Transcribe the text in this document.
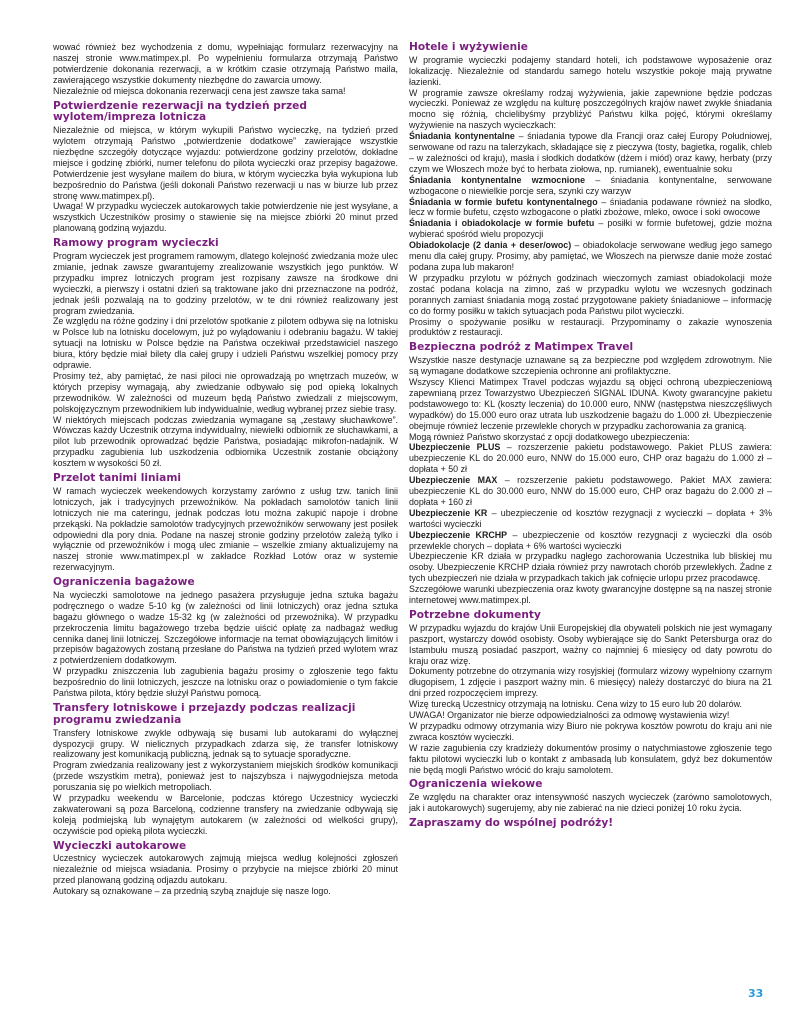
wować również bez wychodzenia z domu, wypełniając formularz rezerwacyjny na naszej stronie www.matimpex.pl. Po wypełnieniu formularza otrzymają Państwo potwierdzenie dokonania rezerwacji, a w krótkim czasie otrzymają Państwo maila, zawierającego wszystkie dokumenty niezbędne do zawarcia umowy.

Niezależnie od miejsca dokonania rezerwacji cena jest zawsze taka sama!

Potwierdzenie rezerwacji na tydzień przed wylotem/impreza lotnicza

Niezależnie od miejsca, w którym wykupili Państwo wycieczkę, na tydzień przed wylotem otrzymają Państwo „potwierdzenie dodatkowe” zawierające wszystkie niezbędne szczegóły dotyczące wyjazdu: potwierdzone godziny przelotów, dokładne miejsce i godzinę zbiórki, numer telefonu do pilota wycieczki oraz przepisy bagażowe. Potwierdzenie jest wysyłane mailem do biura, w którym wycieczka była wykupiona lub bezpośrednio do Państwa (jeśli dokonali Państwo rezerwacji u nas w biurze lub przez stronę www.matimpex.pl).

Uwaga! W przypadku wycieczek autokarowych takie potwierdzenie nie jest wysyłane, a wszystkich Uczestników prosimy o stawienie się na miejsce zbiórki 20 minut przed planowaną godziną wyjazdu.

Ramowy program wycieczki

Program wycieczek jest programem ramowym, dlatego kolejność zwiedzania może ulec zmianie, jednak zawsze gwarantujemy zrealizowanie wszystkich jego punktów. W przypadku imprez lotniczych program jest rozpisany zawsze na środkowe dni wycieczki, a pierwszy i ostatni dzień są traktowane jako dni przeznaczone na podróż, jednak jeśli pozwalają na to godziny przelotów, w te dni również realizowany jest program zwiedzania.

Ze względu na różne godziny i dni przelotów spotkanie z pilotem odbywa się na lotnisku w Polsce lub na lotnisku docelowym, już po wylądowaniu i odebraniu bagażu. W takiej sytuacji na lotnisku w Polsce będzie na Państwa oczekiwał przedstawiciel naszego biura, który będzie miał bilety dla całej grupy i udzieli Państwu wszelkiej pomocy przy odprawie.

Prosimy też, aby pamiętać, że nasi piloci nie oprowadzają po wnętrzach muzeów, w których przepisy wymagają, aby zwiedzanie odbywało się pod opieką lokalnych przewodników. W zależności od muzeum będą Państwo zwiedzali z miejscowym, polskojęzycznym przewodnikiem lub indywidualnie, według wybranej przez siebie trasy.

W niektórych miejscach podczas zwiedzania wymagane są „zestawy słuchawkowe”. Wówczas każdy Uczestnik otrzyma indywidualny, niewielki odbiornik ze słuchawkami, a pilot lub przewodnik oprowadzać będzie Państwa, posiadając mikrofon-nadajnik. W przypadku zagubienia lub uszkodzenia odbiornika Uczestnik zostanie obciążony kosztem w wysokości 50 zł.

Przelot tanimi liniami

W ramach wycieczek weekendowych korzystamy zarówno z usług tzw. tanich linii lotniczych, jak i tradycyjnych przewoźników. Na pokładach samolotów tanich linii lotniczych nie ma cateringu, jednak podczas lotu można zakupić napoje i drobne przekąski. Na pokładzie samolotów tradycyjnych przewoźników serwowany jest posiłek odpowiedni dla pory dnia. Podane na naszej stronie godziny przelotów zależą tylko i wyłącznie od przewoźników i mogą ulec zmianie – wszelkie zmiany aktualizujemy na naszej stronie www.matimpex.pl w zakładce Rozkład Lotów oraz w systemie rezerwacyjnym.

Ograniczenia bagażowe

Na wycieczki samolotowe na jednego pasażera przysługuje jedna sztuka bagażu podręcznego o wadze 5-10 kg (w zależności od linii lotniczych) oraz jedna sztuka bagażu głównego o wadze 15-32 kg (w zależności od przewoźnika). W przypadku przekroczenia limitu bagażowego trzeba będzie uiścić opłatę za nadbagaż według cennika danej linii lotniczej. Szczegółowe informacje na temat obowiązujących limitów i przepisów bagażowych zostaną przesłane do Państwa na tydzień przed wylotem wraz z potwierdzeniem dodatkowym.

W przypadku zniszczenia lub zagubienia bagażu prosimy o zgłoszenie tego faktu bezpośrednio do linii lotniczych, jeszcze na lotnisku oraz o powiadomienie o tym fakcie Państwa pilota, który będzie służył Państwu pomocą.

Transfery lotniskowe i przejazdy podczas realizacji programu zwiedzania

Transfery lotniskowe zwykle odbywają się busami lub autokarami do wyłącznej dyspozycji grupy. W nielicznych przypadkach zdarza się, że transfer lotniskowy realizowany jest komunikacją publiczną, jednak są to sytuacje sporadyczne.

Program zwiedzania realizowany jest z wykorzystaniem miejskich środków komunikacji (przede wszystkim metra), ponieważ jest to najszybsza i najwygodniejsza metoda poruszania się po wielkich metropoliach.

W przypadku weekendu w Barcelonie, podczas którego Uczestnicy wycieczki zakwaterowani są poza Barceloną, codzienne transfery na zwiedzanie odbywają się koleją podmiejską lub wynajętym autokarem (w zależności od wielkości grupy), oczywiście pod opieką pilota wycieczki.

Wycieczki autokarowe

Uczestnicy wycieczek autokarowych zajmują miejsca według kolejności zgłoszeń niezależnie od miejsca wsiadania. Prosimy o przybycie na miejsce zbiórki 20 minut przed planowaną godziną odjazdu autokaru.

Autokary są oznakowane – za przednią szybą znajduje się nasze logo.

Hotele i wyżywienie

W programie wycieczki podajemy standard hoteli, ich podstawowe wyposażenie oraz lokalizację. Niezależnie od standardu samego hotelu wszystkie pokoje mają prywatne łazienki.

W programie zawsze określamy rodzaj wyżywienia, jakie zapewnione będzie podczas wycieczki. Ponieważ ze względu na kulturę poszczególnych krajów nawet zwykłe śniadania mocno się różnią, chcielibyśmy przybliżyć Państwu kilka pojęć, którymi określamy wyżywienie na naszych wycieczkach:

Śniadania kontynentalne – śniadania typowe dla Francji oraz całej Europy Południowej, serwowane od razu na talerzykach, składające się z pieczywa (tosty, bagietka, rogalik, chleb – w zależności od kraju), masła i słodkich dodatków (dżem i miód) oraz kawy, herbaty (przy czym we Włoszech może być to herbata ziołowa, np. rumianek), ewentualnie soku

Śniadania kontynentalne wzmocnione – śniadania kontynentalne, serwowane wzbogacone o niewielkie porcje sera, szynki czy warzyw

Śniadania w formie bufetu kontynentalnego – śniadania podawane również na słodko, lecz w formie bufetu, często wzbogacone o płatki zbożowe, mleko, owoce i soki owocowe

Śniadania i obiadokolacje w formie bufetu – posiłki w formie bufetowej, gdzie można wybierać spośród wielu propozycji

Obiadokolacje (2 dania + deser/owoc) – obiadokolacje serwowane według jego samego menu dla całej grupy. Prosimy, aby pamiętać, we Włoszech na pierwsze danie może zostać podana zupa lub makaron!

W przypadku przylotu w późnych godzinach wieczornych zamiast obiadokolacji może zostać podana kolacja na zimno, zaś w przypadku wylotu we wczesnych godzinach porannych zamiast śniadania mogą zostać przygotowane pakiety śniadaniowe – informację co do formy posiłku w takich sytuacjach poda Państwu pilot wycieczki.

Prosimy o spożywanie posiłku w restauracji. Przypominamy o zakazie wynoszenia produktów z restauracji.

Bezpieczna podróż z Matimpex Travel

Wszystkie nasze destynacje uznawane są za bezpieczne pod względem zdrowotnym. Nie są wymagane dodatkowe szczepienia ochronne ani profilaktyczne.

Wszyscy Klienci Matimpex Travel podczas wyjazdu są objęci ochroną ubezpieczeniową zapewnianą przez Towarzystwo Ubezpieczeń SIGNAL IDUNA. Kwoty gwarancyjne pakietu podstawowego to: KL (koszty leczenia) do 10.000 euro, NNW (następstwa nieszczęśliwych wypadków) do 15.000 euro oraz utrata lub uszkodzenie bagażu do 1.000 zł. Ubezpieczenie obejmuje również leczenie przewlekle chorych w przypadku zachorowania za granicą.

Mogą również Państwo skorzystać z opcji dodatkowego ubezpieczenia:

Ubezpieczenie PLUS – rozszerzenie pakietu podstawowego. Pakiet PLUS zawiera: ubezpieczenie KL do 20.000 euro, NNW do 15.000 euro, CHP oraz bagażu do 1.000 zł – dopłata + 50 zł

Ubezpieczenie MAX – rozszerzenie pakietu podstawowego. Pakiet MAX zawiera: ubezpieczenie KL do 30.000 euro, NNW do 15.000 euro, CHP oraz bagażu do 2.000 zł – dopłata + 160 zł

Ubezpieczenie KR – ubezpieczenie od kosztów rezygnacji z wycieczki – dopłata + 3% wartości wycieczki

Ubezpieczenie KRCHP – ubezpieczenie od kosztów rezygnacji z wycieczki dla osób przewlekle chorych – dopłata + 6% wartości wycieczki

Ubezpieczenie KR działa w przypadku nagłego zachorowania Uczestnika lub bliskiej mu osoby. Ubezpieczenie KRCHP działa również przy nawrotach chorób przewlekłych. Żadne z tych ubezpieczeń nie działa w przypadkach takich jak cofnięcie urlopu przez pracodawcę.

Szczegółowe warunki ubezpieczenia oraz kwoty gwarancyjne dostępne są na naszej stronie internetowej www.matimpex.pl.

Potrzebne dokumenty

W przypadku wyjazdu do krajów Unii Europejskiej dla obywateli polskich nie jest wymagany paszport, wystarczy dowód osobisty. Osoby wybierające się do Sankt Petersburga oraz do Istambułu muszą posiadać paszport, ważny co najmniej 6 miesięcy od daty powrotu do kraju oraz wizę.

Dokumenty potrzebne do otrzymania wizy rosyjskiej (formularz wizowy wypełniony czarnym długopisem, 1 zdjęcie i paszport ważny min. 6 miesięcy) należy dostarczyć do biura na 21 dni przed rozpoczęciem imprezy.

Wizę turecką Uczestnicy otrzymają na lotnisku. Cena wizy to 15 euro lub 20 dolarów.

UWAGA! Organizator nie bierze odpowiedzialności za odmowę wystawienia wizy!

W przypadku odmowy otrzymania wizy Biuro nie pokrywa kosztów powrotu do kraju ani nie zwraca kosztów wycieczki.

W razie zagubienia czy kradzieży dokumentów prosimy o natychmiastowe zgłoszenie tego faktu pilotowi wycieczki lub o kontakt z ambasadą lub konsulatem, gdyż bez dokumentów nie będą mogli Państwo wrócić do kraju samolotem.

Ograniczenia wiekowe

Ze względu na charakter oraz intensywność naszych wycieczek (zarówno samolotowych, jak i autokarowych) sugerujemy, aby nie zabierać na nie dzieci poniżej 10 roku życia.

Zapraszamy do wspólnej podróży!
33
